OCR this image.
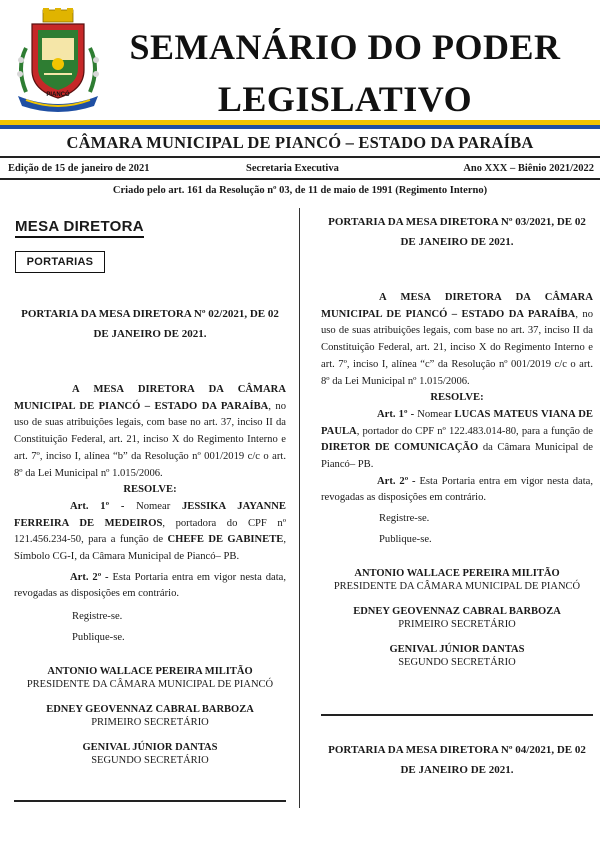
PIANCÓ
SEMANÁRIO DO PODER
LEGISLATIVO
CÂMARA MUNICIPAL DE PIANCÓ – ESTADO DA PARAÍBA
Edição de 15 de janeiro de 2021	Secretaria Executiva	Ano XXX – Biênio 2021/2022
Criado pelo art. 161 da Resolução nº 03, de 11 de maio de 1991 (Regimento Interno)
MESA DIRETORA
PORTARIAS
PORTARIA DA MESA DIRETORA Nº 02/2021, DE 02
DE JANEIRO DE 2021.

A MESA DIRETORA DA CÂMARA MUNICIPAL DE PIANCÓ – ESTADO DA PARAÍBA, no uso de suas atribuições legais, com base no art. 37, inciso II da Constituição Federal, art. 21, inciso X do Regimento Interno e art. 7º, inciso I, alínea “b” da Resolução nº 001/2019 c/c o art. 8º da Lei Municipal nº 1.015/2006.

RESOLVE:

Art. 1º - Nomear JESSIKA JAYANNE FERREIRA DE MEDEIROS, portadora do CPF nº 121.456.234-50, para a função de CHEFE DE GABINETE, Símbolo CG-I, da Câmara Municipal de Piancó– PB.

Art. 2º - Esta Portaria entra em vigor nesta data, revogadas as disposições em contrário.

Registre-se.

Publique-se.

ANTONIO WALLACE PEREIRA MILITÃO
PRESIDENTE DA CÂMARA MUNICIPAL DE PIANCÓ
EDNEY GEOVENNAZ CABRAL BARBOZA
PRIMEIRO SECRETÁRIO
GENIVAL JÚNIOR DANTAS
SEGUNDO SECRETÁRIO
PORTARIA DA MESA DIRETORA Nº 03/2021, DE 02
DE JANEIRO DE 2021.

A MESA DIRETORA DA CÂMARA MUNICIPAL DE PIANCÓ – ESTADO DA PARAÍBA, no uso de suas atribuições legais, com base no art. 37, inciso II da Constituição Federal, art. 21, inciso X do Regimento Interno e art. 7º, inciso I, alínea “c” da Resolução nº 001/2019 c/c o art. 8º da Lei Municipal nº 1.015/2006.

RESOLVE:

Art. 1º - Nomear LUCAS MATEUS VIANA DE PAULA, portador do CPF nº 122.483.014-80, para a função de DIRETOR DE COMUNICAÇÃO da Câmara Municipal de Piancó– PB.

Art. 2º - Esta Portaria entra em vigor nesta data, revogadas as disposições em contrário.

Registre-se.

Publique-se.

ANTONIO WALLACE PEREIRA MILITÃO
PRESIDENTE DA CÂMARA MUNICIPAL DE PIANCÓ
EDNEY GEOVENNAZ CABRAL BARBOZA
PRIMEIRO SECRETÁRIO
GENIVAL JÚNIOR DANTAS
SEGUNDO SECRETÁRIO
PORTARIA DA MESA DIRETORA Nº 04/2021, DE 02
DE JANEIRO DE 2021.
